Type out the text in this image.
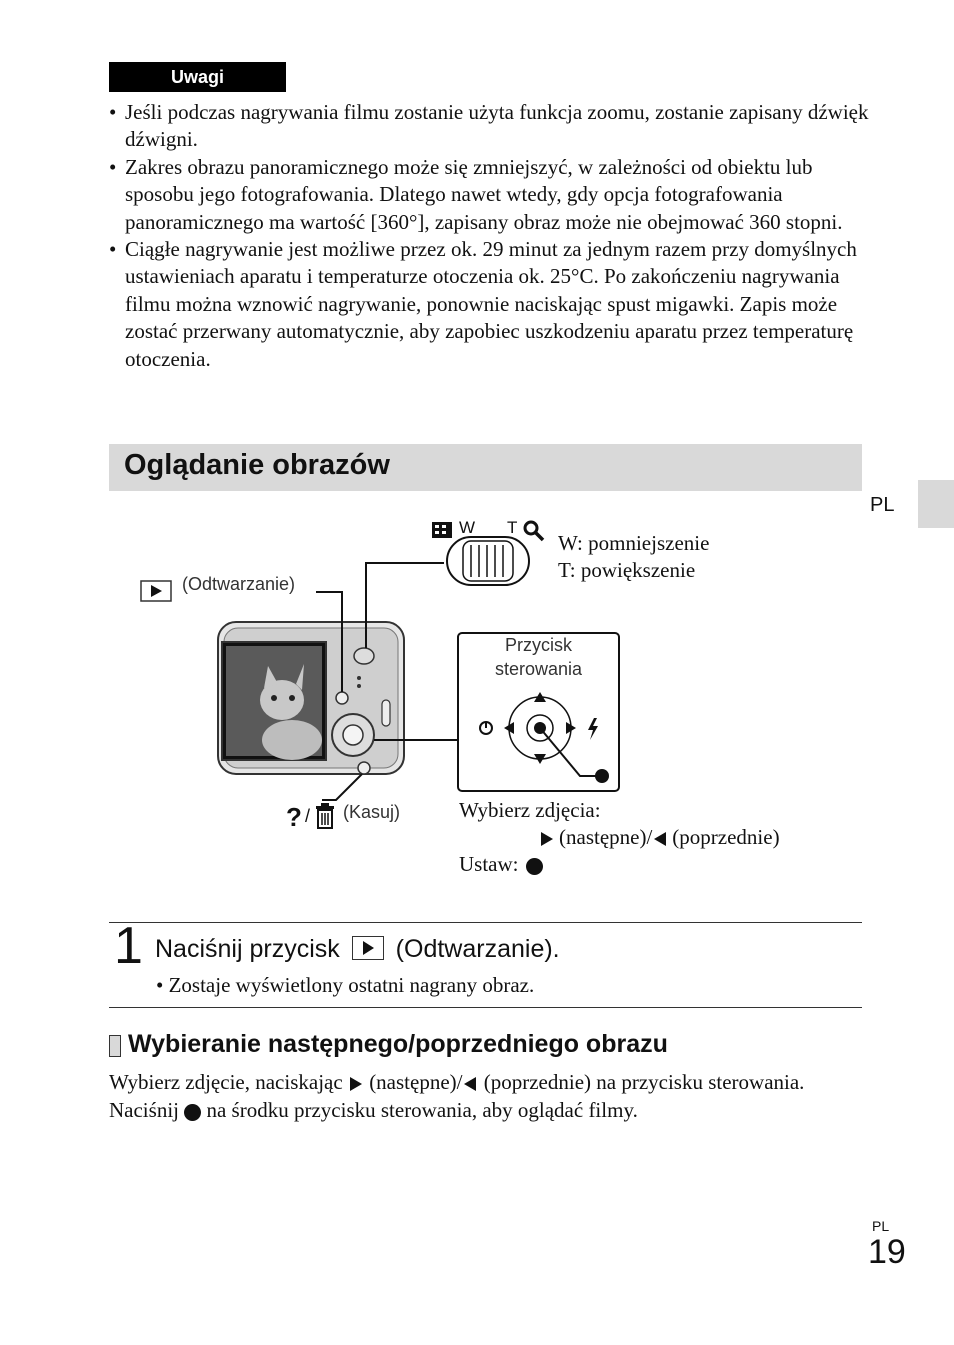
Uwagi
• Jeśli podczas nagrywania filmu zostanie użyta funkcja zoomu, zostanie zapisany dźwięk dźwigni.
• Zakres obrazu panoramicznego może się zmniejszyć, w zależności od obiektu lub sposobu jego fotografowania. Dlatego nawet wtedy, gdy opcja fotografowania panoramicznego ma wartość [360°], zapisany obraz może nie obejmować 360 stopni.
• Ciągłe nagrywanie jest możliwe przez ok. 29 minut za jednym razem przy domyślnych ustawieniach aparatu i temperaturze otoczenia ok. 25°C. Po zakończeniu nagrywania filmu można wznowić nagrywanie, ponownie naciskając spust migawki. Zapis może zostać przerwany automatycznie, aby zapobiec uszkodzeniu aparatu przez temperaturę otoczenia.
Oglądanie obrazów
PL
? /
W T
W: pomniejszenie
T: powiększenie
(Odtwarzanie)
Przycisk
sterowania
(Kasuj)	Wybierz zdjęcia:
(następne)/ (poprzednie)
Ustaw:
1 Naciśnij przycisk (Odtwarzanie).
• Zostaje wyświetlony ostatni nagrany obraz.
Wybieranie następnego/poprzedniego obrazu
Wybierz zdjęcie, naciskając (następne)/ (poprzednie) na przycisku sterowania. Naciśnij na środku przycisku sterowania, aby oglądać filmy.
PL
19
